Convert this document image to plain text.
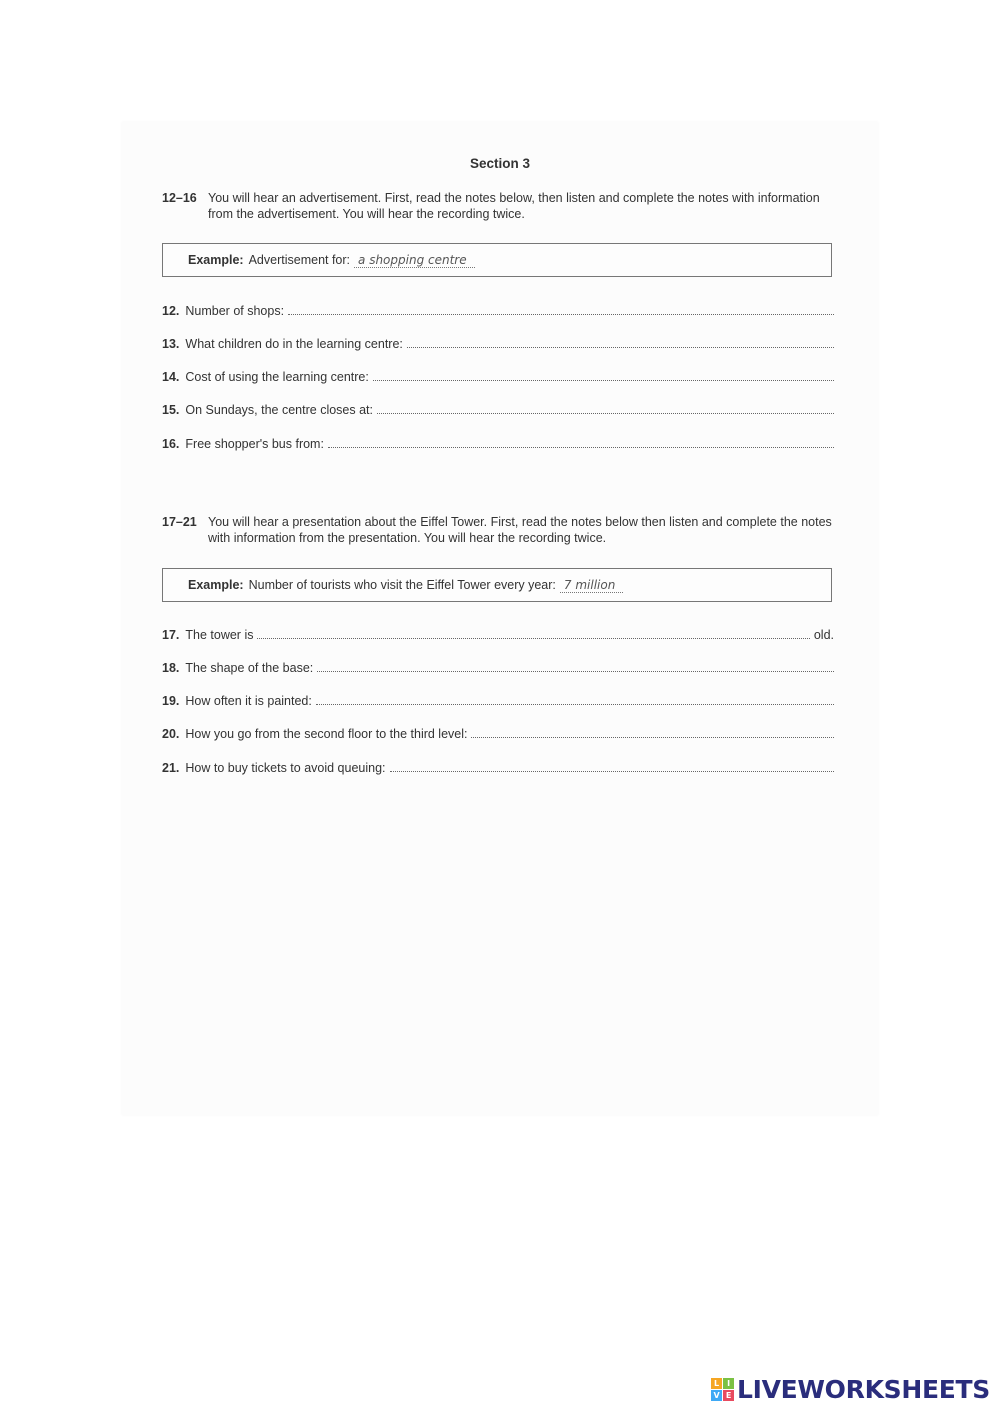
Section 3
12–16 You will hear an advertisement. First, read the notes below, then listen and complete the notes with information from the advertisement. You will hear the recording twice.
Example: Advertisement for: a shopping centre
12. Number of shops:
13. What children do in the learning centre:
14. Cost of using the learning centre:
15. On Sundays, the centre closes at:
16. Free shopper's bus from:
17–21 You will hear a presentation about the Eiffel Tower. First, read the notes below then listen and complete the notes with information from the presentation. You will hear the recording twice.
Example: Number of tourists who visit the Eiffel Tower every year: 7 million
17. The tower is	old.
18. The shape of the base:
19. How often it is painted:
20. How you go from the second floor to the third level:
21. How to buy tickets to avoid queuing:
L	I
V E LIVEWORKSHEETS
